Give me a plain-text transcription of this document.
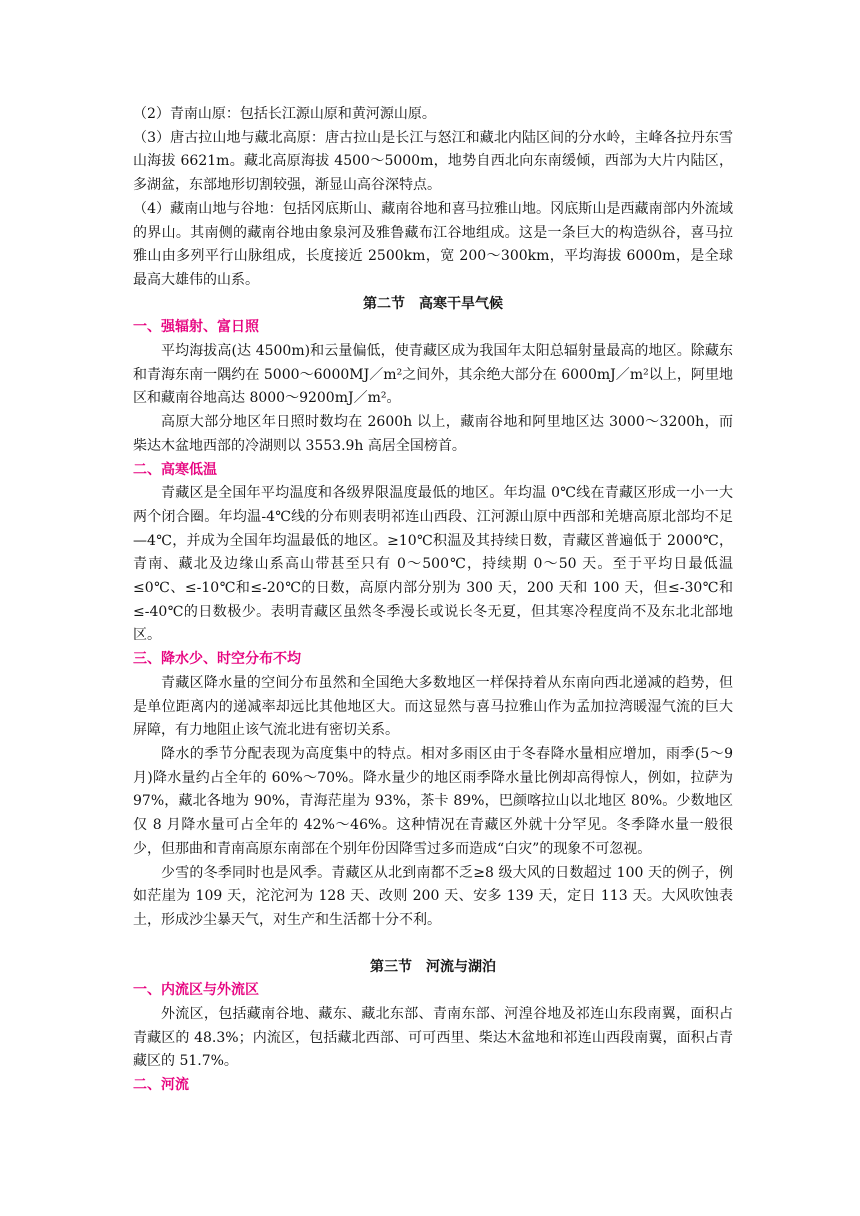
（2）青南山原：包括长江源山原和黄河源山原。

（3）唐古拉山地与藏北高原：唐古拉山是长江与怒江和藏北内陆区间的分水岭，主峰各拉丹东雪山海拔 6621m。藏北高原海拔 4500～5000m，地势自西北向东南缓倾，西部为大片内陆区，多湖盆，东部地形切割较强，渐显山高谷深特点。

（4）藏南山地与谷地：包括冈底斯山、藏南谷地和喜马拉雅山地。冈底斯山是西藏南部内外流域的界山。其南侧的藏南谷地由象泉河及雅鲁藏布江谷地组成。这是一条巨大的构造纵谷，喜马拉雅山由多列平行山脉组成，长度接近 2500km，宽 200～300km，平均海拔 6000m，是全球最高大雄伟的山系。

第二节　高寒干旱气候

一、强辐射、富日照

平均海拔高(达 4500m)和云量偏低，使青藏区成为我国年太阳总辐射量最高的地区。除藏东和青海东南一隅约在 5000～6000MJ／m²之间外，其余绝大部分在 6000mJ／m²以上，阿里地区和藏南谷地高达 8000～9200mJ／m²。

高原大部分地区年日照时数均在 2600h 以上，藏南谷地和阿里地区达 3000～3200h，而柴达木盆地西部的冷湖则以 3553.9h 高居全国榜首。

二、高寒低温

青藏区是全国年平均温度和各级界限温度最低的地区。年均温 0℃线在青藏区形成一小一大两个闭合圈。年均温-4℃线的分布则表明祁连山西段、江河源山原中西部和羌塘高原北部均不足—4℃，并成为全国年均温最低的地区。≥10℃积温及其持续日数，青藏区普遍低于 2000℃，青南、藏北及边缘山系高山带甚至只有 0～500℃，持续期 0～50 天。至于平均日最低温≤0℃、≤-10℃和≤-20℃的日数，高原内部分别为 300 天，200 天和 100 天，但≤-30℃和≤-40℃的日数极少。表明青藏区虽然冬季漫长或说长冬无夏，但其寒冷程度尚不及东北北部地区。

三、降水少、时空分布不均

青藏区降水量的空间分布虽然和全国绝大多数地区一样保持着从东南向西北递减的趋势，但是单位距离内的递减率却远比其他地区大。而这显然与喜马拉雅山作为孟加拉湾暖湿气流的巨大屏障，有力地阻止该气流北进有密切关系。

降水的季节分配表现为高度集中的特点。相对多雨区由于冬春降水量相应增加，雨季(5～9 月)降水量约占全年的 60%～70%。降水量少的地区雨季降水量比例却高得惊人，例如，拉萨为 97%，藏北各地为 90%，青海茫崖为 93%，茶卡 89%，巴颜喀拉山以北地区 80%。少数地区仅 8 月降水量可占全年的 42%～46%。这种情况在青藏区外就十分罕见。冬季降水量一般很少，但那曲和青南高原东南部在个别年份因降雪过多而造成“白灾”的现象不可忽视。

少雪的冬季同时也是风季。青藏区从北到南都不乏≥8 级大风的日数超过 100 天的例子，例如茫崖为 109 天，沱沱河为 128 天、改则 200 天、安多 139 天，定日 113 天。大风吹蚀表土，形成沙尘暴天气，对生产和生活都十分不利。

第三节　河流与湖泊

一、内流区与外流区

外流区，包括藏南谷地、藏东、藏北东部、青南东部、河湟谷地及祁连山东段南翼，面积占青藏区的 48.3%；内流区，包括藏北西部、可可西里、柴达木盆地和祁连山西段南翼，面积占青藏区的 51.7%。

二、河流
